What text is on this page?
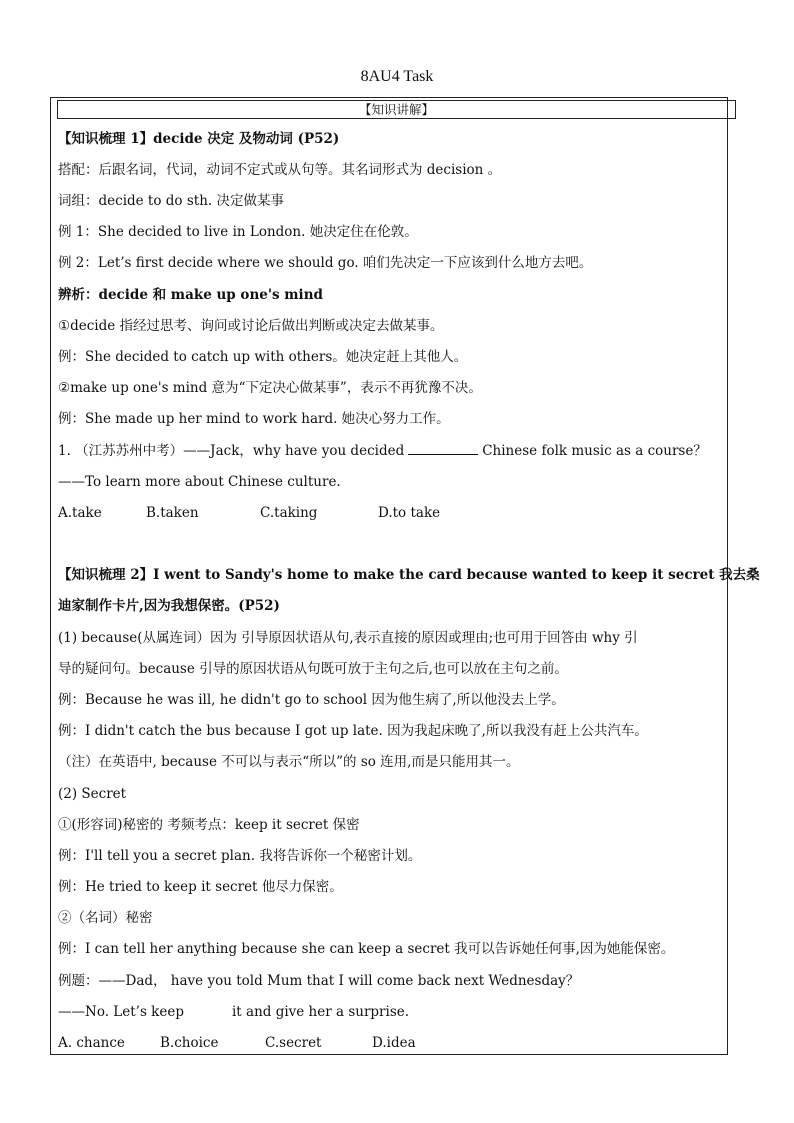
8AU4 Task
【知识讲解】
【知识梳理 1】decide 决定 及物动词 (P52)
搭配：后跟名词，代词，动词不定式或从句等。其名词形式为 decision 。
词组：decide to do sth. 决定做某事
例 1：She decided to live in London. 她决定住在伦敦。
例 2：Let’s first decide where we should go. 咱们先决定一下应该到什么地方去吧。
辨析：decide 和 make up one's mind
①decide 指经过思考、询问或讨论后做出判断或决定去做某事。
例：She decided to catch up with others。她决定赶上其他人。
②make up one's mind 意为“下定决心做某事”，表示不再犹豫不决。
例：She made up her mind to work hard. 她决心努力工作。
1. （江苏苏州中考）——Jack，why have you decided	Chinese folk music as a course？
——To learn more about Chinese culture.
A.take	B.taken	C.taking	D.to take
【知识梳理 2】I went to Sandy's home to make the card because wanted to keep it secret 我去桑
迪家制作卡片,因为我想保密。(P52)
(1) because(从属连词）因为 引导原因状语从句,表示直接的原因或理由;也可用于回答由 why 引
导的疑问句。because 引导的原因状语从句既可放于主句之后,也可以放在主句之前。
例：Because he was ill, he didn't go to school 因为他生病了,所以他没去上学。
例：I didn't catch the bus because I got up late. 因为我起床晚了,所以我没有赶上公共汽车。
（注）在英语中, because 不可以与表示“所以”的 so 连用,而是只能用其一。
(2) Secret
①(形容词)秘密的 考频考点：keep it secret 保密
例：I'll tell you a secret plan. 我将告诉你一个秘密计划。
例：He tried to keep it secret 他尽力保密。
②（名词）秘密
例：I can tell her anything because she can keep a secret 我可以告诉她任何事,因为她能保密。
例题：——Dad， have you told Mum that I will come back next Wednesday？
——No. Let’s keep	it and give her a surprise.
A. chance	B.choice	C.secret	D.idea
